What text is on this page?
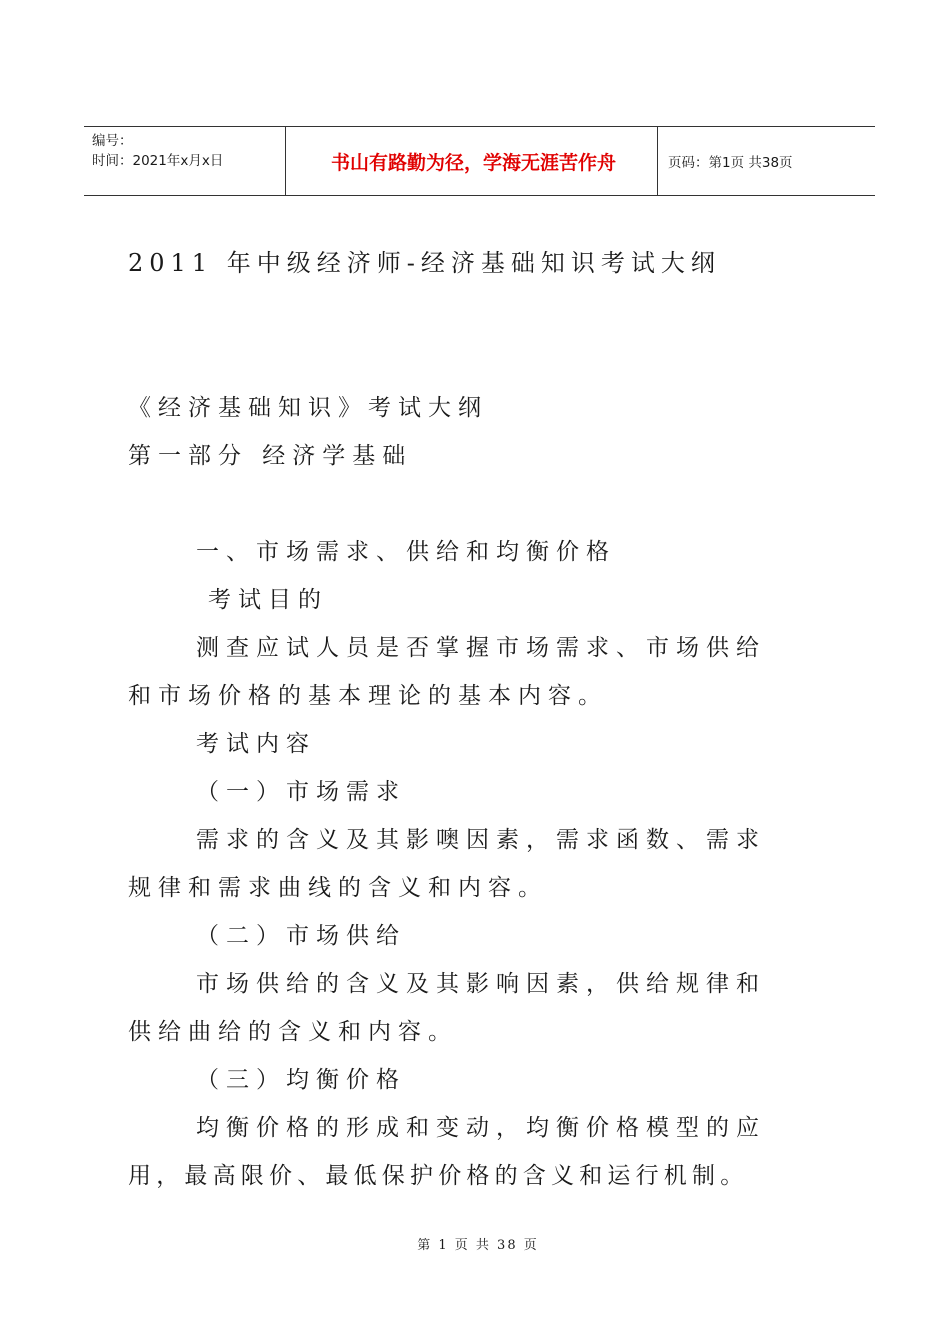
编号：
时间：2021年x月x日	书山有路勤为径，学海无涯苦作舟	页码：第1页 共38页
2011 年中级经济师-经济基础知识考试大纲
《经济基础知识》考试大纲
第一部分 经济学基础
一、市场需求、供给和均衡价格
考试目的
测查应试人员是否掌握市场需求、市场供给
和市场价格的基本理论的基本内容。
考试内容
（一）市场需求
需求的含义及其影噢因素，需求函数、需求
规律和需求曲线的含义和内容。
（二）市场供给
市场供给的含义及其影响因素，供给规律和
供给曲给的含义和内容。
（三）均衡价格
均衡价格的形成和变动，均衡价格模型的应
用，最高限价、最低保护价格的含义和运行机制。
第 1 页 共 38 页
